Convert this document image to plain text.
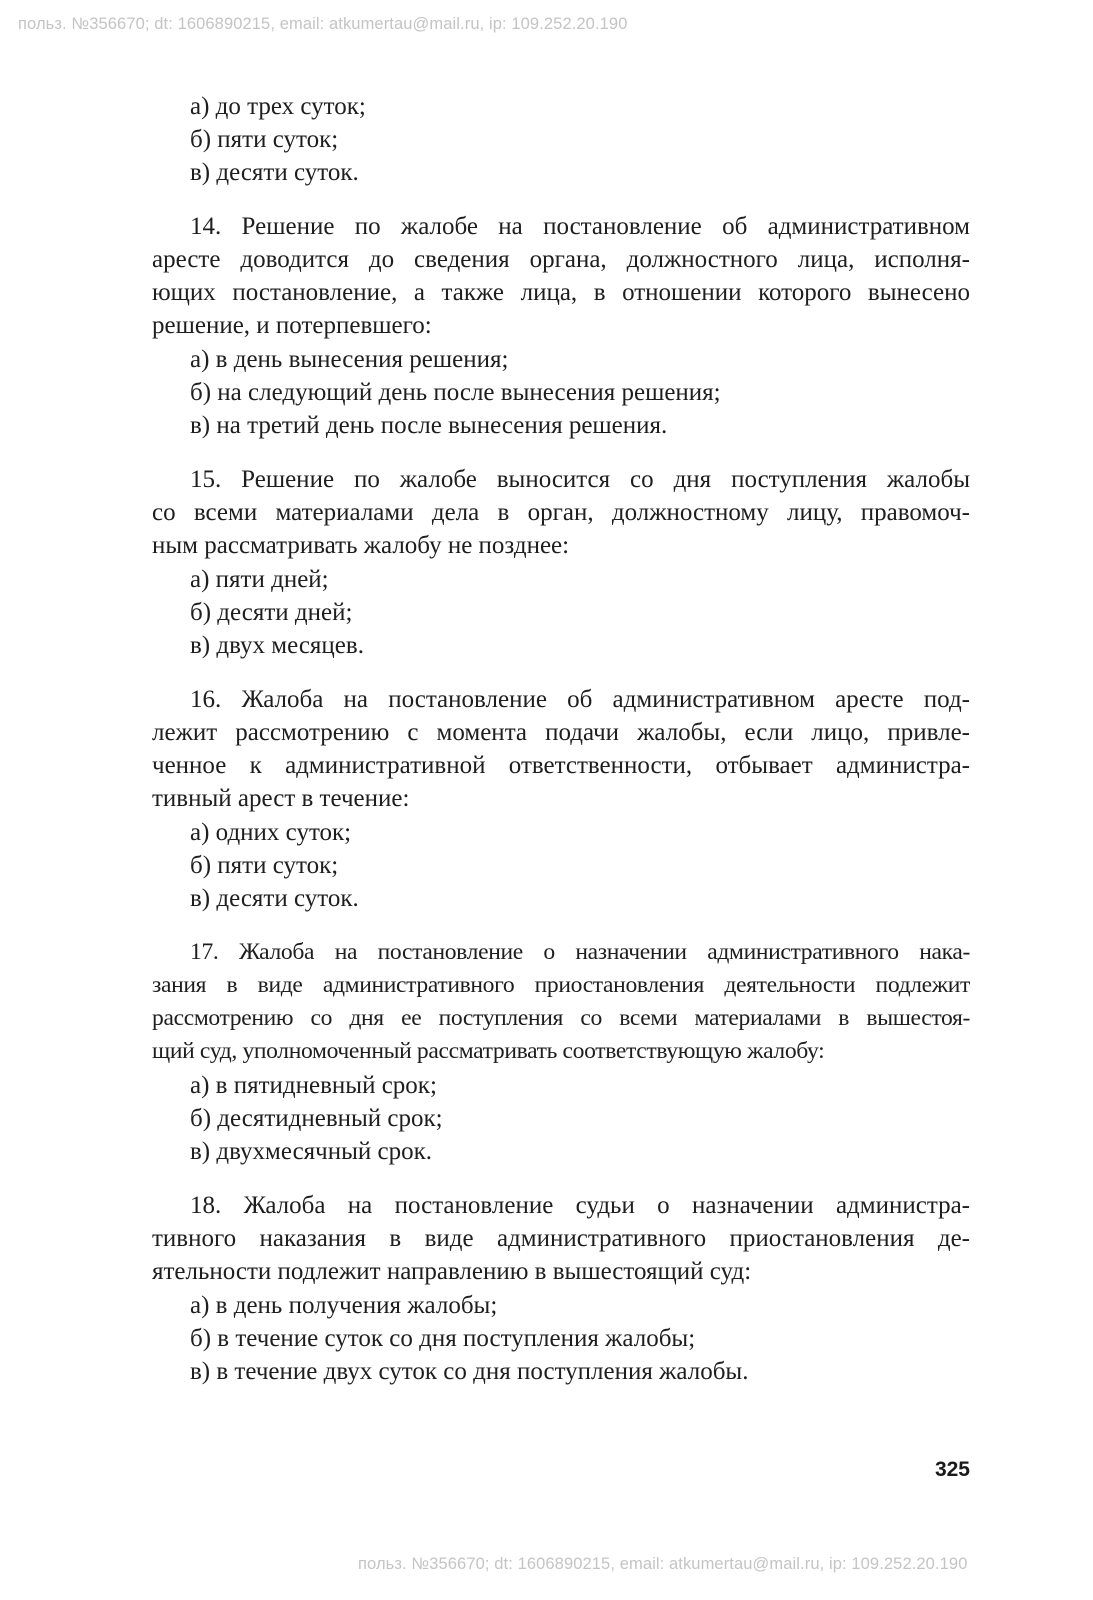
польз. №356670; dt: 1606890215, email: atkumertau@mail.ru, ip: 109.252.20.190
а) до трех суток;
б) пяти суток;
в) десяти суток.

14. Решение по жалобе на постановление об административном
аресте доводится до сведения органа, должностного лица, исполня-
ющих постановление, а также лица, в отношении которого вынесено
решение, и потерпевшего:

а) в день вынесения решения;
б) на следующий день после вынесения решения;
в) на третий день после вынесения решения.

15. Решение по жалобе выносится со дня поступления жалобы
со всеми материалами дела в орган, должностному лицу, правомоч-
ным рассматривать жалобу не позднее:

а) пяти дней;
б) десяти дней;
в) двух месяцев.

16. Жалоба на постановление об административном аресте под-
лежит рассмотрению с момента подачи жалобы, если лицо, привле-
ченное к административной ответственности, отбывает администра-
тивный арест в течение:

а) одних суток;
б) пяти суток;
в) десяти суток.

17. Жалоба на постановление о назначении административного нака-
зания в виде административного приостановления деятельности подлежит
рассмотрению со дня ее поступления со всеми материалами в вышестоя-
щий суд, уполномоченный рассматривать соответствующую жалобу:

а) в пятидневный срок;
б) десятидневный срок;
в) двухмесячный срок.

18. Жалоба на постановление судьи о назначении администра-
тивного наказания в виде административного приостановления де-
ятельности подлежит направлению в вышестоящий суд:

а) в день получения жалобы;
б) в течение суток со дня поступления жалобы;
в) в течение двух суток со дня поступления жалобы.
325
польз. №356670; dt: 1606890215, email: atkumertau@mail.ru, ip: 109.252.20.190
